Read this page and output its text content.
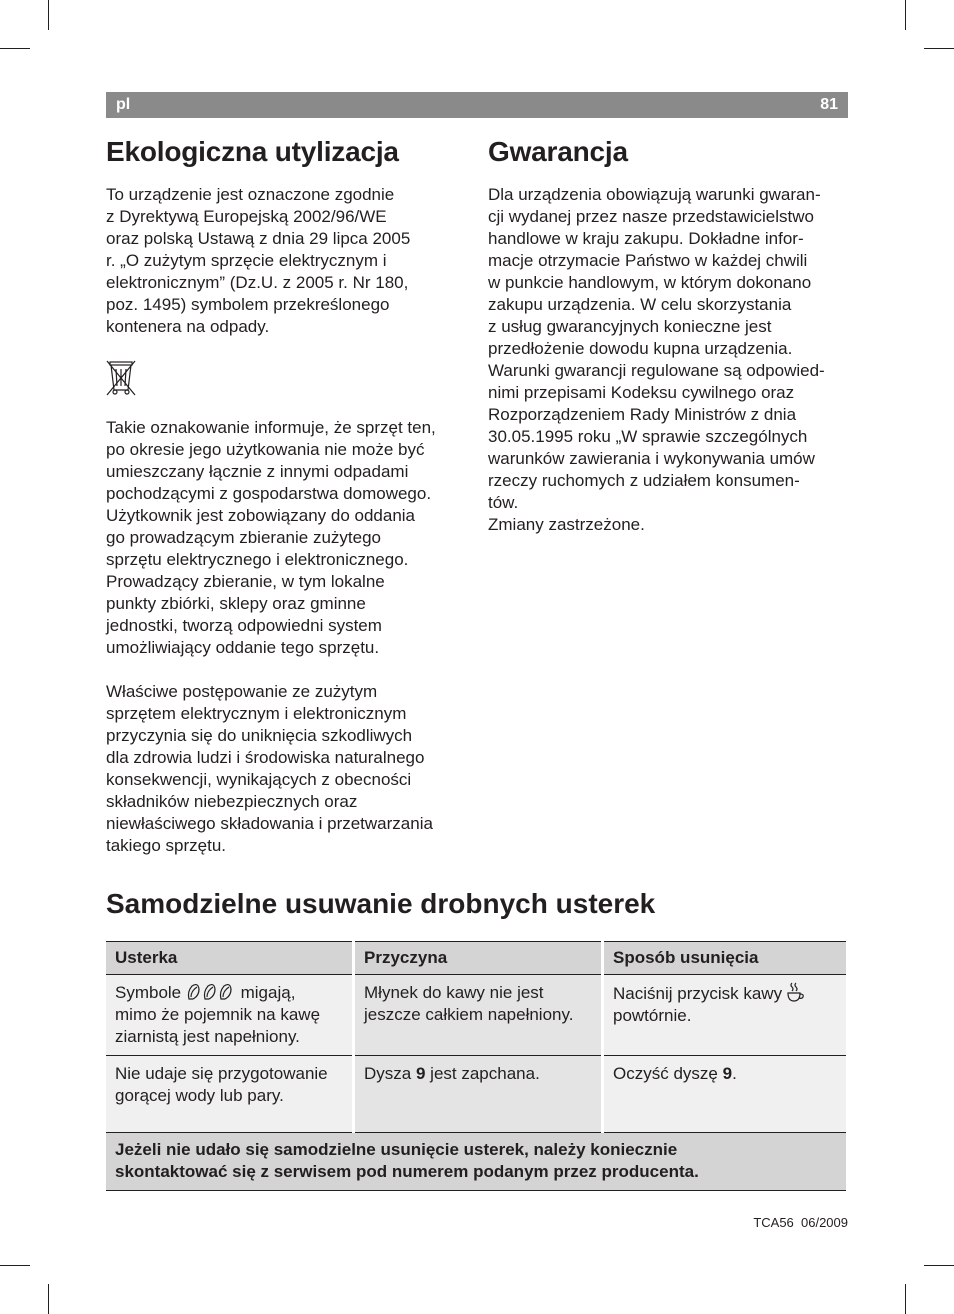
pl	81
Ekologiczna utylizacja

To urządzenie jest oznaczone zgodnie
z Dyrektywą Europejską 2002/96/WE
oraz polską Ustawą z dnia 29 lipca 2005
r. „O zużytym sprzęcie elektrycznym i
elektronicznym” (Dz.U. z 2005 r. Nr 180,
poz. 1495) symbolem przekreślonego
kontenera na odpady.

Takie oznakowanie informuje, że sprzęt ten,
po okresie jego użytkowania nie może być
umieszczany łącznie z innymi odpadami
pochodzącymi z gospodarstwa domowego.
Użytkownik jest zobowiązany do oddania
go prowadzącym zbieranie zużytego
sprzętu elektrycznego i elektronicznego.
Prowadzący zbieranie, w tym lokalne
punkty zbiórki, sklepy oraz gminne
jednostki, tworzą odpowiedni system
umożliwiający oddanie tego sprzętu.

Właściwe postępowanie ze zużytym
sprzętem elektrycznym i elektronicznym
przyczynia się do uniknięcia szkodliwych
dla zdrowia ludzi i środowiska naturalnego
konsekwencji, wynikających z obecności
składników niebezpiecznych oraz
niewłaściwego składowania i przetwarzania
takiego sprzętu.

Gwarancja

Dla urządzenia obowiązują warunki gwaran-
cji wydanej przez nasze przedstawicielstwo
handlowe w kraju zakupu. Dokładne infor-
macje otrzymacie Państwo w każdej chwili
w punkcie handlowym, w którym dokonano
zakupu urządzenia. W celu skorzystania
z usług gwarancyjnych konieczne jest
przedłożenie dowodu kupna urządzenia.
Warunki gwarancji regulowane są odpowied-
nimi przepisami Kodeksu cywilnego oraz
Rozporządzeniem Rady Ministrów z dnia
30.05.1995 roku „W sprawie szczególnych
warunków zawierania i wykonywania umów
rzeczy ruchomych z udziałem konsumen-
tów.
Zmiany zastrzeżone.

Samodzielne usuwanie drobnych usterek
Usterka	Przyczyna	Sposób usunięcia
Symbole migają,
mimo że pojemnik na kawę
ziarnistą jest napełniony.	Młynek do kawy nie jest
jeszcze całkiem napełniony.	Naciśnij przycisk kawy
powtórnie.
Nie udaje się przygotowanie
gorącej wody lub pary.	Dysza 9 jest zapchana.	Oczyść dyszę 9.
Jeżeli nie udało się samodzielne usunięcie usterek, należy koniecznie
skontaktować się z serwisem pod numerem podanym przez producenta.		
TCA56  06/2009
